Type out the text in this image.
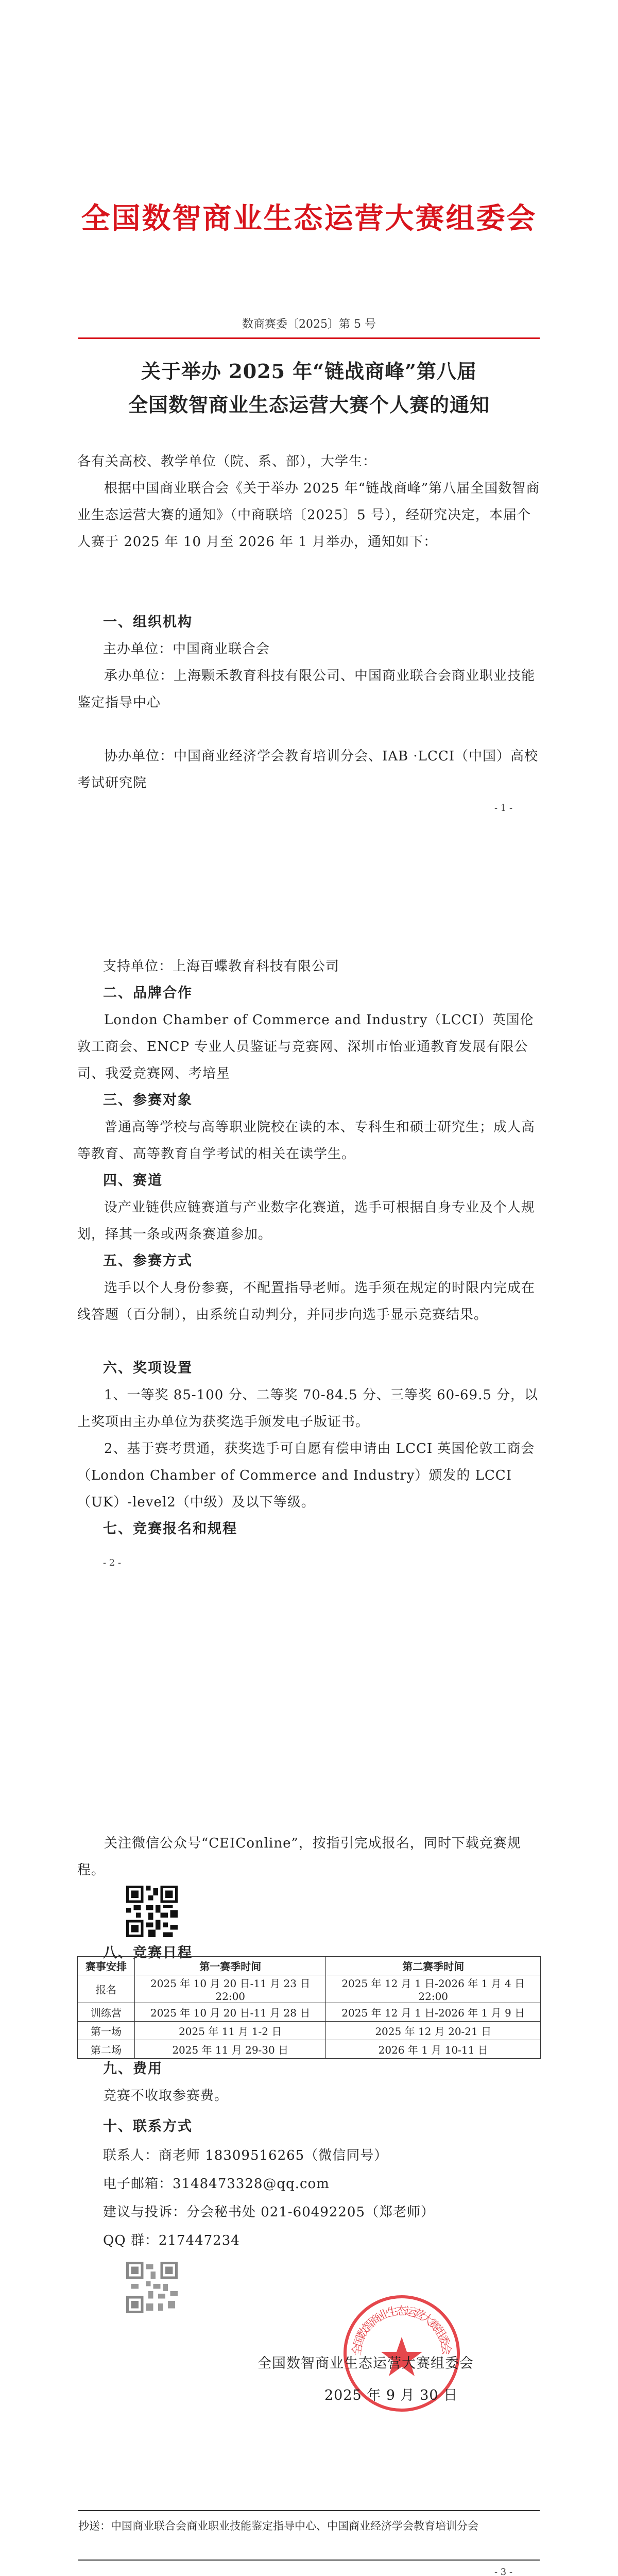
全国数智商业生态运营大赛组委会
数商赛委〔2025〕第 5 号
关于举办 2025 年“链战商峰”第八届
全国数智商业生态运营大赛个人赛的通知
各有关高校、教学单位（院、系、部），大学生：
根据中国商业联合会《关于举办 2025 年“链战商峰”第八届全国数智商业生态运营大赛的通知》（中商联培〔2025〕5 号），经研究决定，本届个人赛于 2025 年 10 月至 2026 年 1 月举办，通知如下：
一、组织机构
主办单位：中国商业联合会
承办单位：上海颗禾教育科技有限公司、中国商业联合会商业职业技能鉴定指导中心
协办单位：中国商业经济学会教育培训分会、IAB ·LCCI（中国）高校考试研究院
- 1 -
支持单位：上海百蝶教育科技有限公司
二、品牌合作
London Chamber of Commerce and Industry（LCCI）英国伦敦工商会、ENCP 专业人员鉴证与竞赛网、深圳市怡亚通教育发展有限公司、我爱竞赛网、考培星
三、参赛对象
普通高等学校与高等职业院校在读的本、专科生和硕士研究生；成人高等教育、高等教育自学考试的相关在读学生。
四、赛道
设产业链供应链赛道与产业数字化赛道，选手可根据自身专业及个人规划，择其一条或两条赛道参加。
五、参赛方式
选手以个人身份参赛，不配置指导老师。选手须在规定的时限内完成在线答题（百分制），由系统自动判分，并同步向选手显示竞赛结果。
六、奖项设置
1、一等奖 85-100 分、二等奖 70-84.5 分、三等奖 60-69.5 分，以上奖项由主办单位为获奖选手颁发电子版证书。
2、基于赛考贯通，获奖选手可自愿有偿申请由 LCCI 英国伦敦工商会（London Chamber of Commerce and Industry）颁发的 LCCI（UK）-level2（中级）及以下等级。
七、竞赛报名和规程
- 2 -
关注微信公众号“CEIConline”，按指引完成报名，同时下载竞赛规程。
八、竞赛日程
赛事安排	第一赛季时间	第二赛季时间
报名	2025 年 10 月 20 日-11 月 23 日 22:00	2025 年 12 月 1 日-2026 年 1 月 4 日 22:00
训练营	2025 年 10 月 20 日-11 月 28 日	2025 年 12 月 1 日-2026 年 1 月 9 日
第一场	2025 年 11 月 1-2 日	2025 年 12 月 20-21 日
第二场	2025 年 11 月 29-30 日	2026 年 1 月 10-11 日
九、费用
竞赛不收取参赛费。
十、联系方式
联系人：商老师 18309516265（微信同号）
电子邮箱：3148473328@qq.com
建议与投诉：分会秘书处 021-60492205（郑老师）
QQ 群：217447234
全国数智商业生态运营大赛组委会
全国数智商业生态运营大赛组委会
2025 年 9 月 30 日
抄送：中国商业联合会商业职业技能鉴定指导中心、中国商业经济学会教育培训分会
- 3 -
